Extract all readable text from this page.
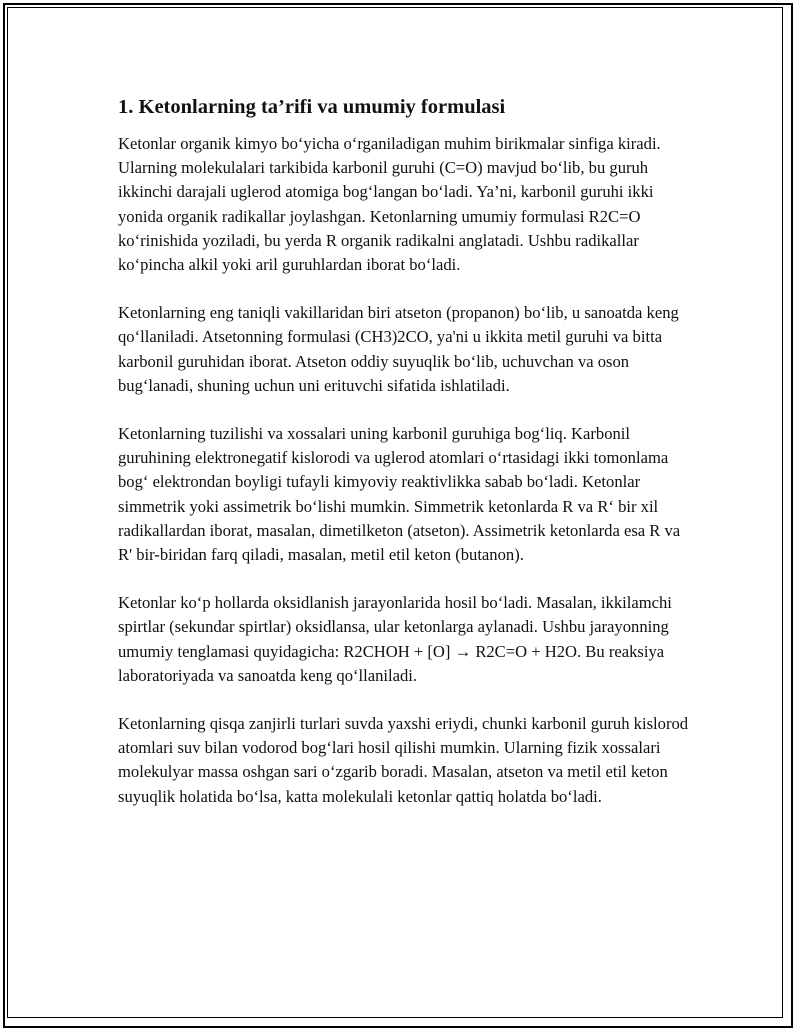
1. Ketonlarning ta’rifi va umumiy formulasi

Ketonlar organik kimyo bo‘yicha o‘rganiladigan muhim birikmalar sinfiga kiradi. Ularning molekulalari tarkibida karbonil guruhi (C=O) mavjud bo‘lib, bu guruh ikkinchi darajali uglerod atomiga bog‘langan bo‘ladi. Ya’ni, karbonil guruhi ikki yonida organik radikallar joylashgan. Ketonlarning umumiy formulasi R2C=O ko‘rinishida yoziladi, bu yerda R organik radikalni anglatadi. Ushbu radikallar ko‘pincha alkil yoki aril guruhlardan iborat bo‘ladi.

Ketonlarning eng taniqli vakillaridan biri atseton (propanon) bo‘lib, u sanoatda keng qo‘llaniladi. Atsetonning formulasi (CH3)2CO, ya'ni u ikkita metil guruhi va bitta karbonil guruhidan iborat. Atseton oddiy suyuqlik bo‘lib, uchuvchan va oson bug‘lanadi, shuning uchun uni erituvchi sifatida ishlatiladi.

Ketonlarning tuzilishi va xossalari uning karbonil guruhiga bog‘liq. Karbonil guruhining elektronegatif kislorodi va uglerod atomlari o‘rtasidagi ikki tomonlama bog‘ elektrondan boyligi tufayli kimyoviy reaktivlikka sabab bo‘ladi. Ketonlar simmetrik yoki assimetrik bo‘lishi mumkin. Simmetrik ketonlarda R va R‘ bir xil radikallardan iborat, masalan, dimetilketon (atseton). Assimetrik ketonlarda esa R va R' bir-biridan farq qiladi, masalan, metil etil keton (butanon).

Ketonlar ko‘p hollarda oksidlanish jarayonlarida hosil bo‘ladi. Masalan, ikkilamchi spirtlar (sekundar spirtlar) oksidlansa, ular ketonlarga aylanadi. Ushbu jarayonning umumiy tenglamasi quyidagicha: R2CHOH + [O] → R2C=O + H2O. Bu reaksiya laboratoriyada va sanoatda keng qo‘llaniladi.

Ketonlarning qisqa zanjirli turlari suvda yaxshi eriydi, chunki karbonil guruh kislorod atomlari suv bilan vodorod bog‘lari hosil qilishi mumkin. Ularning fizik xossalari molekulyar massa oshgan sari o‘zgarib boradi. Masalan, atseton va metil etil keton suyuqlik holatida bo‘lsa, katta molekulali ketonlar qattiq holatda bo‘ladi.
